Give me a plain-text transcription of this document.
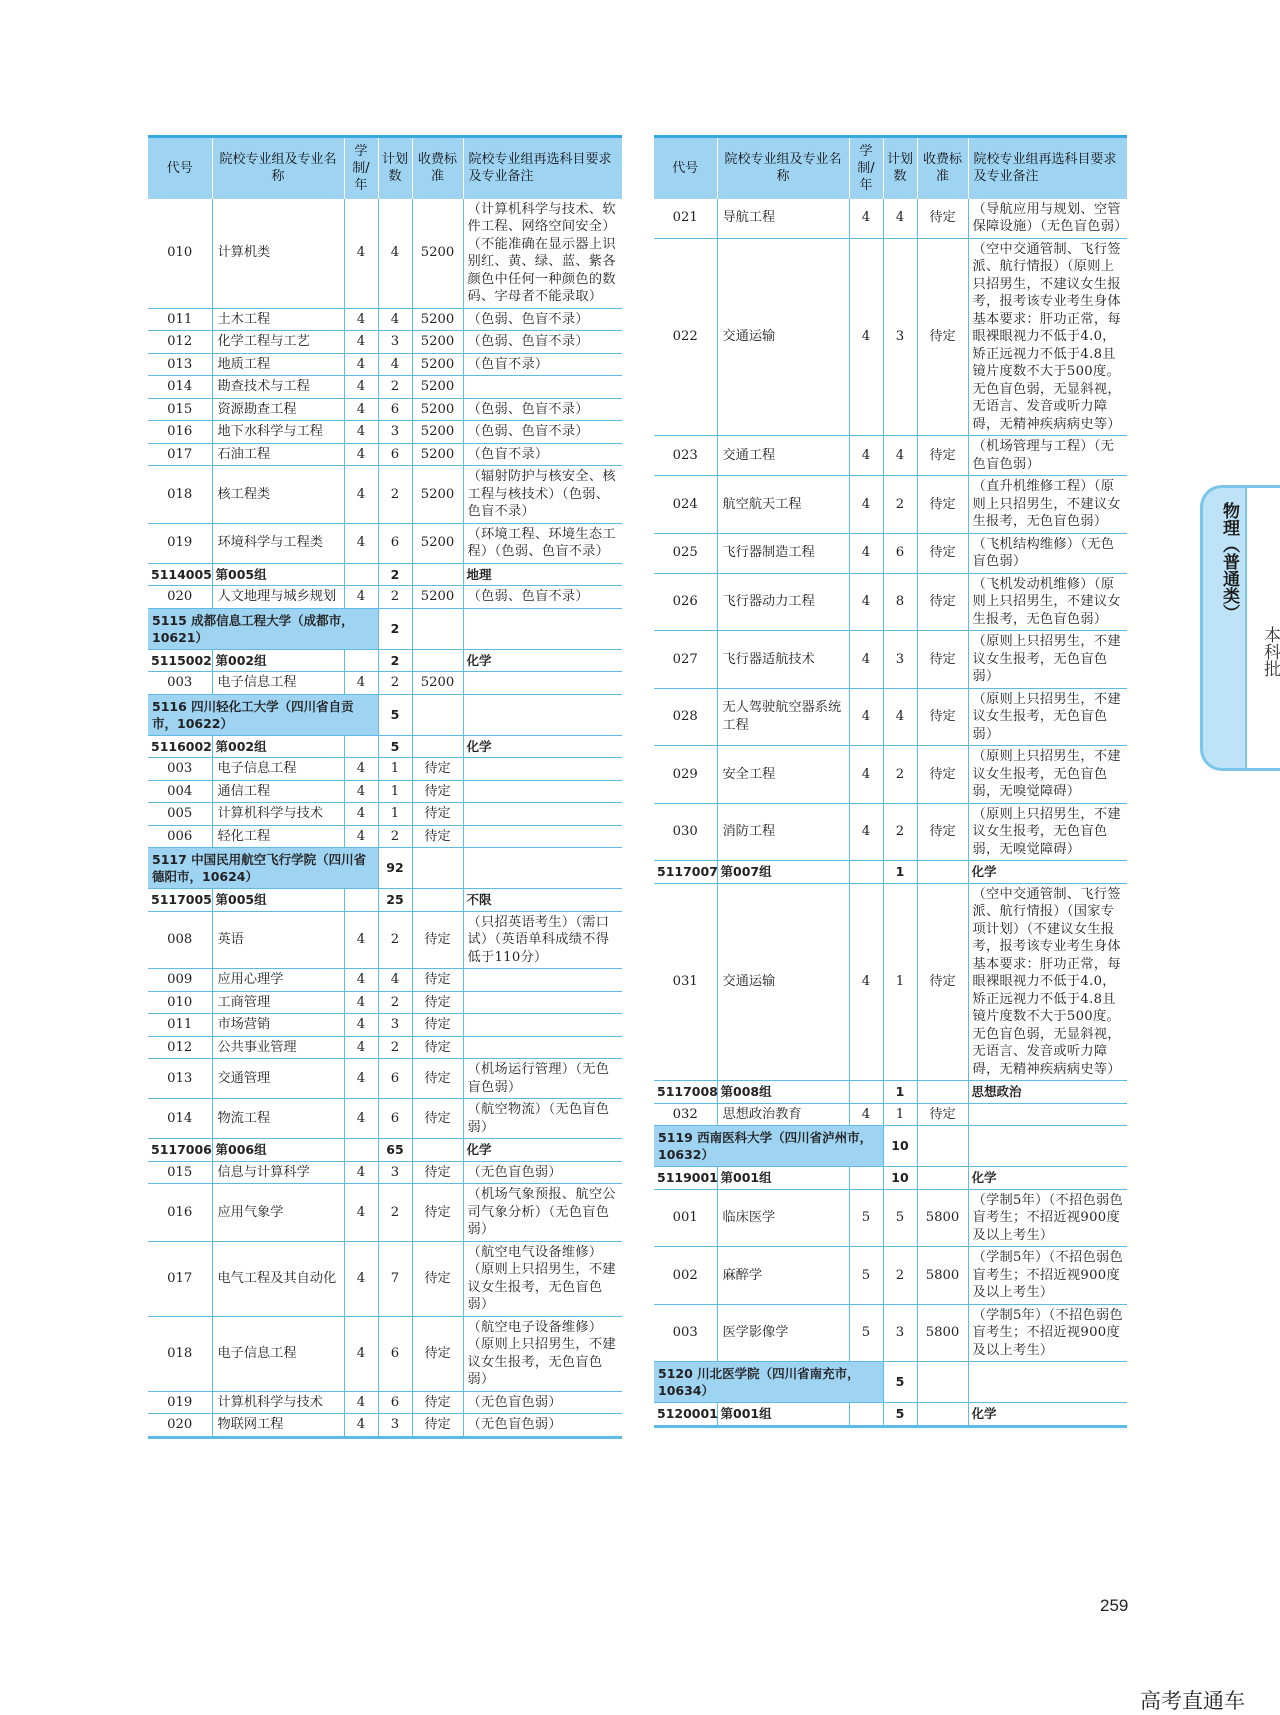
代号	院校专业组及专业名称	学制/年	计划数	收费标准	院校专业组再选科目要求及专业备注
010	计算机类	4	4	5200	（计算机科学与技术、软件工程、网络空间安全）（不能准确在显示器上识别红、黄、绿、蓝、紫各颜色中任何一种颜色的数码、字母者不能录取）
011	土木工程	4	4	5200	（色弱、色盲不录）
012	化学工程与工艺	4	3	5200	（色弱、色盲不录）
013	地质工程	4	4	5200	（色盲不录）
014	勘查技术与工程	4	2	5200	
015	资源勘查工程	4	6	5200	（色弱、色盲不录）
016	地下水科学与工程	4	3	5200	（色弱、色盲不录）
017	石油工程	4	6	5200	（色盲不录）
018	核工程类	4	2	5200	（辐射防护与核安全、核工程与核技术）（色弱、色盲不录）
019	环境科学与工程类	4	6	5200	（环境工程、环境生态工程）（色弱、色盲不录）
5114005	第005组		2		地理
020	人文地理与城乡规划	4	2	5200	（色弱、色盲不录）
5115 成都信息工程大学（成都市，10621）			2		
5115002	第002组		2		化学
003	电子信息工程	4	2	5200	
5116 四川轻化工大学（四川省自贡市，10622）			5		
5116002	第002组		5		化学
003	电子信息工程	4	1	待定	
004	通信工程	4	1	待定	
005	计算机科学与技术	4	1	待定	
006	轻化工程	4	2	待定	
5117 中国民用航空飞行学院（四川省德阳市，10624）			92		
5117005	第005组		25		不限
008	英语	4	2	待定	（只招英语考生）（需口试）（英语单科成绩不得低于110分）
009	应用心理学	4	4	待定	
010	工商管理	4	2	待定	
011	市场营销	4	3	待定	
012	公共事业管理	4	2	待定	
013	交通管理	4	6	待定	（机场运行管理）（无色盲色弱）
014	物流工程	4	6	待定	（航空物流）（无色盲色弱）
5117006	第006组		65		化学
015	信息与计算科学	4	3	待定	（无色盲色弱）
016	应用气象学	4	2	待定	（机场气象预报、航空公司气象分析）（无色盲色弱）
017	电气工程及其自动化	4	7	待定	（航空电气设备维修）（原则上只招男生，不建议女生报考，无色盲色弱）
018	电子信息工程	4	6	待定	（航空电子设备维修）（原则上只招男生，不建议女生报考，无色盲色弱）
019	计算机科学与技术	4	6	待定	（无色盲色弱）
020	物联网工程	4	3	待定	（无色盲色弱）
代号	院校专业组及专业名称	学制/年	计划数	收费标准	院校专业组再选科目要求及专业备注
021	导航工程	4	4	待定	（导航应用与规划、空管保障设施）（无色盲色弱）
022	交通运输	4	3	待定	（空中交通管制、飞行签派、航行情报）（原则上只招男生，不建议女生报考，报考该专业考生身体基本要求：肝功正常，每眼裸眼视力不低于4.0，矫正远视力不低于4.8且镜片度数不大于500度。无色盲色弱，无显斜视，无语言、发音或听力障碍，无精神疾病病史等）
023	交通工程	4	4	待定	（机场管理与工程）（无色盲色弱）
024	航空航天工程	4	2	待定	（直升机维修工程）（原则上只招男生，不建议女生报考，无色盲色弱）
025	飞行器制造工程	4	6	待定	（飞机结构维修）（无色盲色弱）
026	飞行器动力工程	4	8	待定	（飞机发动机维修）（原则上只招男生，不建议女生报考，无色盲色弱）
027	飞行器适航技术	4	3	待定	（原则上只招男生，不建议女生报考，无色盲色弱）
028	无人驾驶航空器系统工程	4	4	待定	（原则上只招男生，不建议女生报考，无色盲色弱）
029	安全工程	4	2	待定	（原则上只招男生，不建议女生报考，无色盲色弱，无嗅觉障碍）
030	消防工程	4	2	待定	（原则上只招男生，不建议女生报考，无色盲色弱，无嗅觉障碍）
5117007	第007组		1		化学
031	交通运输	4	1	待定	（空中交通管制、飞行签派、航行情报）（国家专项计划）（不建议女生报考，报考该专业考生身体基本要求：肝功正常，每眼裸眼视力不低于4.0，矫正远视力不低于4.8且镜片度数不大于500度。无色盲色弱，无显斜视，无语言、发音或听力障碍，无精神疾病病史等）
5117008	第008组		1		思想政治
032	思想政治教育	4	1	待定	
5119 西南医科大学（四川省泸州市，10632）			10		
5119001	第001组		10		化学
001	临床医学	5	5	5800	（学制5年）（不招色弱色盲考生；不招近视900度及以上考生）
002	麻醉学	5	2	5800	（学制5年）（不招色弱色盲考生；不招近视900度及以上考生）
003	医学影像学	5	3	5800	（学制5年）（不招色弱色盲考生；不招近视900度及以上考生）
5120 川北医学院（四川省南充市，10634）			5		
5120001	第001组		5		化学
物理（普通类）
本科批
259
高考直通车
